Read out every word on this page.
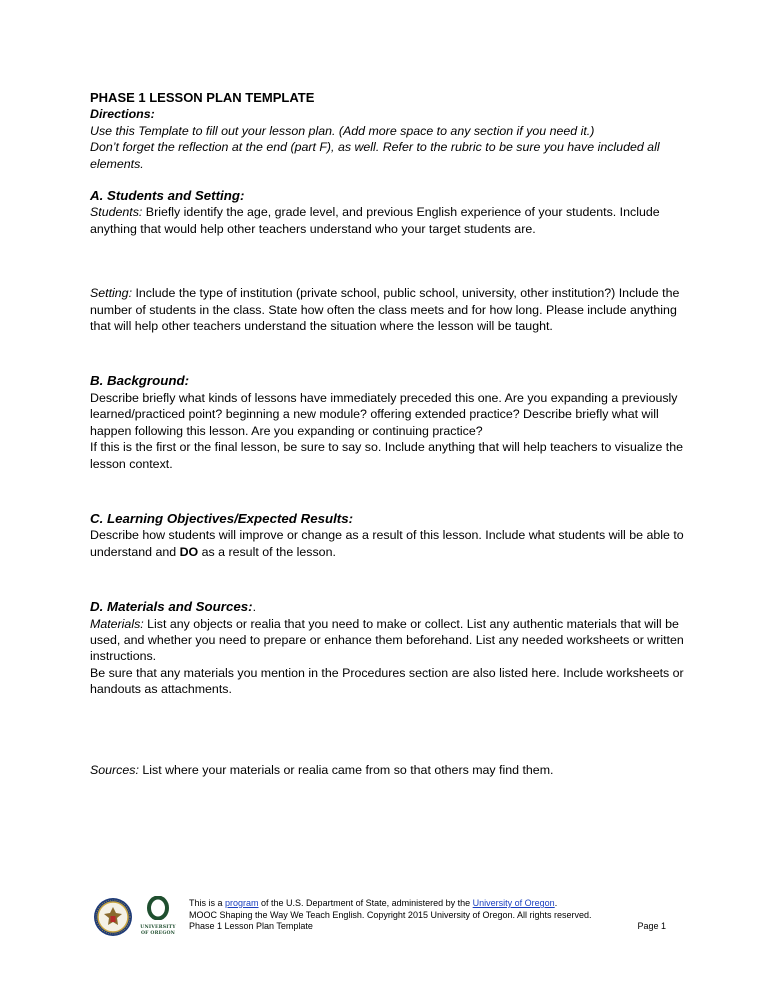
PHASE 1 LESSON PLAN TEMPLATE

Directions:

Use this Template to fill out your lesson plan. (Add more space to any section if you need it.)

Don’t forget the reflection at the end (part F), as well. Refer to the rubric to be sure you have included all elements.

A. Students and Setting:

Students: Briefly identify the age, grade level, and previous English experience of your students. Include anything that would help other teachers understand who your target students are.

Setting: Include the type of institution (private school, public school, university, other institution?) Include the number of students in the class. State how often the class meets and for how long. Please include anything that will help other teachers understand the situation where the lesson will be taught.

B. Background:

Describe briefly what kinds of lessons have immediately preceded this one. Are you expanding a previously learned/practiced point? beginning a new module? offering extended practice? Describe briefly what will happen following this lesson. Are you expanding or continuing practice?

If this is the first or the final lesson, be sure to say so. Include anything that will help teachers to visualize the lesson context.

C. Learning Objectives/Expected Results:

Describe how students will improve or change as a result of this lesson. Include what students will be able to understand and DO as a result of the lesson.

D. Materials and Sources:.

Materials: List any objects or realia that you need to make or collect. List any authentic materials that will be used, and whether you need to prepare or enhance them beforehand. List any needed worksheets or written instructions.

Be sure that any materials you mention in the Procedures section are also listed here. Include worksheets or handouts as attachments.

Sources: List where your materials or realia came from so that others may find them.

UNIVERSITY
OF OREGON
This is a program of the U.S. Department of State, administered by the University of Oregon.
MOOC Shaping the Way We Teach English. Copyright 2015 University of Oregon. All rights reserved.
Phase 1 Lesson Plan Template	Page 1
